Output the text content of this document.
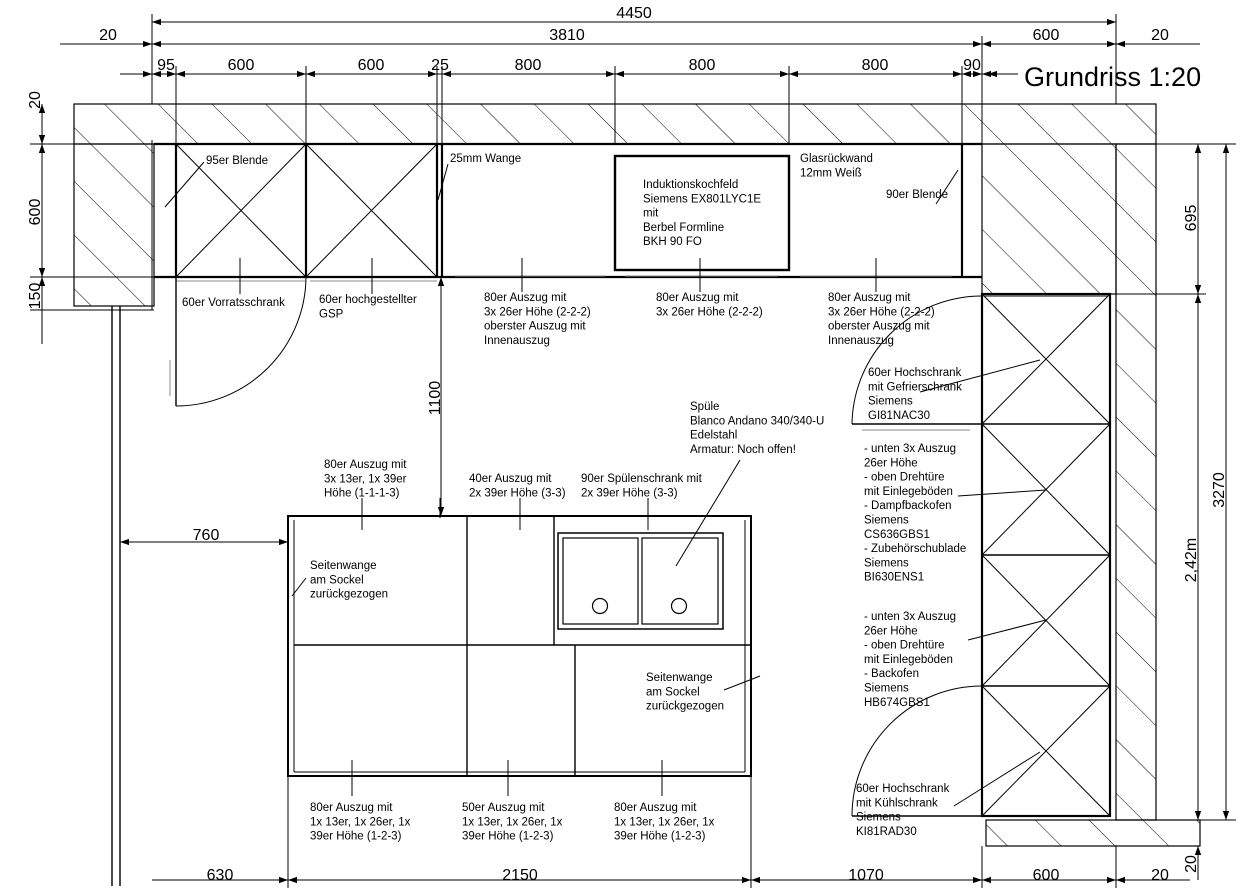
Grundriss 1:20
4450
20	3810	600	20
95	600	600	25	800	800	800	90
20
600
150
1100
760
695
3270
2,42m
20
630	2150	1070	600	20
95er Blende	25mm Wange
Induktionskochfeld Siemens EX801LYC1E mit Berbel Formline BKH 90 FO
Glasrückwand 12mm Weiß
90er Blende
60er Vorratsschrank	60er hochgestellter GSP
80er Auszug mit 3x 26er Höhe (2-2-2) oberster Auszug mit Innenauszug
80er Auszug mit 3x 26er Höhe (2-2-2)
80er Auszug mit 3x 26er Höhe (2-2-2) oberster Auszug mit Innenauszug
60er Hochschrank mit Gefrierschrank Siemens GI81NAC30
- unten 3x Auszug 26er Höhe - oben Drehtüre mit Einlegeböden - Dampfbackofen Siemens CS636GBS1 - Zubehörschublade Siemens BI630ENS1
- unten 3x Auszug 26er Höhe - oben Drehtüre mit Einlegeböden - Backofen Siemens HB674GBS1
60er Hochschrank mit Kühlschrank Siemens KI81RAD30
Spüle Blanco Andano 340/340-U Edelstahl Armatur: Noch offen!
80er Auszug mit 3x 13er, 1x 39er Höhe (1-1-1-3)
40er Auszug mit 2x 39er Höhe (3-3)
90er Spülenschrank mit 2x 39er Höhe (3-3)
Seitenwange am Sockel zurückgezogen
Seitenwange am Sockel zurückgezogen
80er Auszug mit 1x 13er, 1x 26er, 1x 39er Höhe (1-2-3)
50er Auszug mit 1x 13er, 1x 26er, 1x 39er Höhe (1-2-3)
80er Auszug mit 1x 13er, 1x 26er, 1x 39er Höhe (1-2-3)
